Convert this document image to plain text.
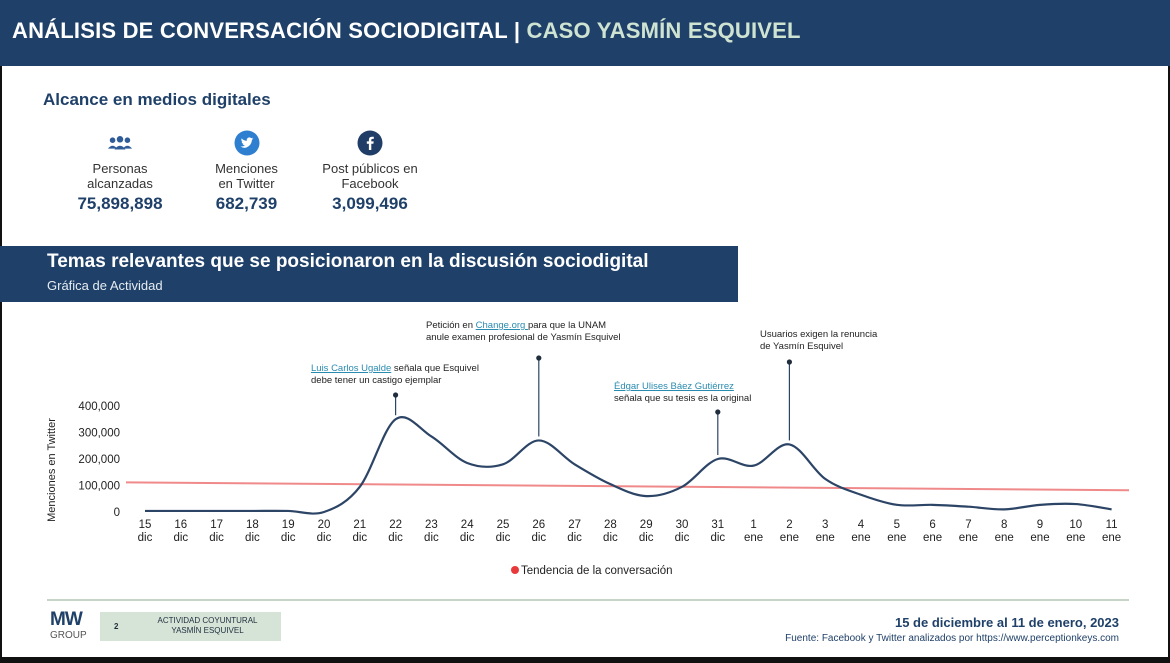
ANÁLISIS DE CONVERSACIÓN SOCIODIGITAL | CASO YASMÍN ESQUIVEL
Alcance en medios digitales
Personas
alcanzadas
75,898,898
Menciones
en Twitter
682,739
Post públicos en
Facebook
3,099,496
Temas relevantes que se posicionaron en la discusión sociodigital
Gráfica de Actividad
Menciones en Twitter
400,000
300,000
200,000
100,000
0
15
dic
16
dic
17
dic
18
dic
19
dic
20
dic
21
dic
22
dic
23
dic
24
dic
25
dic
26
dic
27
dic
28
dic
29
dic
30
dic
31
dic
1
ene
2
ene
3
ene
4
ene
5
ene
6
ene
7
ene
8
ene
9
ene
10
ene
11
ene
Tendencia de la conversación
Luis Carlos Ugalde señala que Esquivel
debe tener un castigo ejemplar
Petición en Change.org para que la UNAM
anule examen profesional de Yasmín Esquivel
Édgar Ulises Báez Gutiérrez
señala que su tesis es la original
Usuarios exigen la renuncia
de Yasmín Esquivel
MW
GROUP
2
ACTIVIDAD COYUNTURAL
YASMÍN ESQUIVEL
15 de diciembre al 11 de enero, 2023
Fuente: Facebook y Twitter analizados por https://www.perceptionkeys.com
